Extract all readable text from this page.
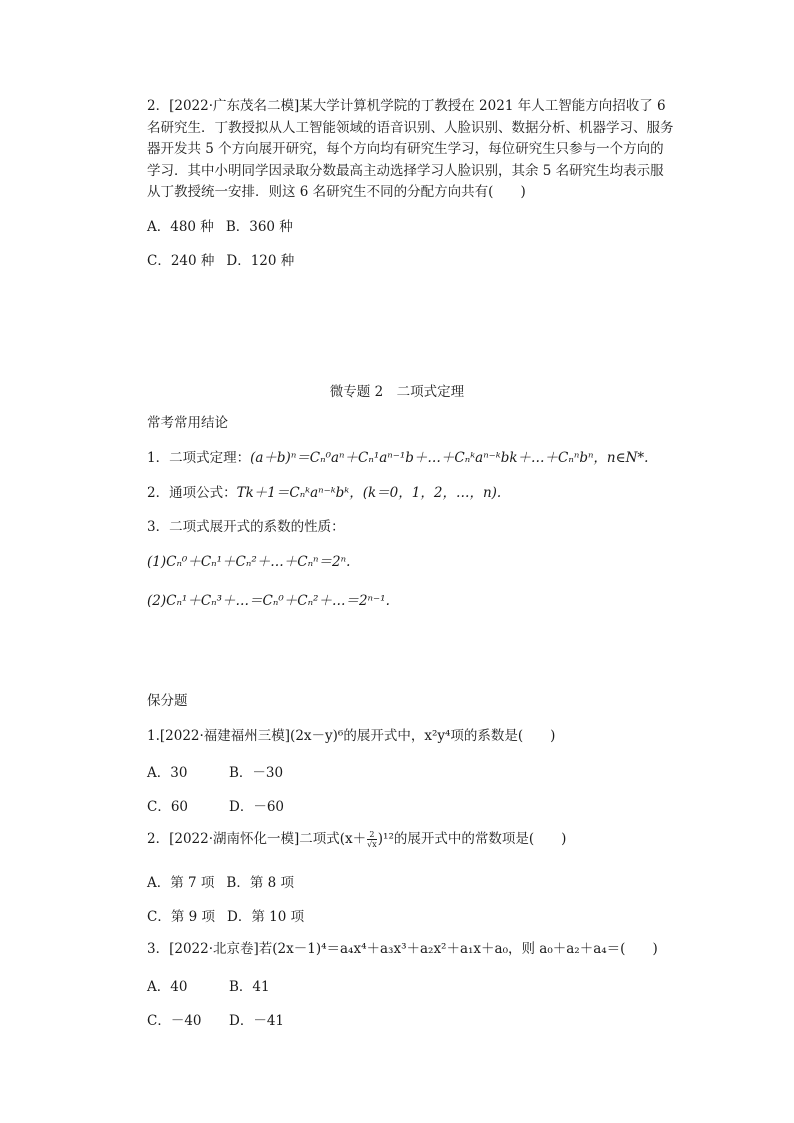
2．[2022·广东茂名二模]某大学计算机学院的丁教授在 2021 年人工智能方向招收了 6 名研究生．丁教授拟从人工智能领域的语音识别、人脸识别、数据分析、机器学习、服务器开发共 5 个方向展开研究，每个方向均有研究生学习，每位研究生只参与一个方向的学习．其中小明同学因录取分数最高主动选择学习人脸识别，其余 5 名研究生均表示服从丁教授统一安排．则这 6 名研究生不同的分配方向共有(　　)
A．480 种 B．360 种
C．240 种 D．120 种
微专题 2　二项式定理
常考常用结论
1．二项式定理：(a＋b)ⁿ＝Cₙ⁰aⁿ＋Cₙ¹aⁿ⁻¹b＋…＋Cₙᵏaⁿ⁻ᵏbk＋…＋Cₙⁿbⁿ，n∈N*.
2．通项公式：Tk＋1＝Cₙᵏaⁿ⁻ᵏbᵏ，(k＝0，1，2，…，n).
3．二项式展开式的系数的性质：
(1)Cₙ⁰＋Cₙ¹＋Cₙ²＋…＋Cₙⁿ＝2ⁿ.
(2)Cₙ¹＋Cₙ³＋…＝Cₙ⁰＋Cₙ²＋…＝2ⁿ⁻¹.
保分题
1.[2022·福建福州三模](2x－y)⁶的展开式中，x²y⁴项的系数是(　　)
A．30	B．－30
C．60	D．－60
2．[2022·湖南怀化一模]二项式$(x+ \frac{2}{√x} )^{12}$的展开式中的常数项是(　　)
A．第 7 项 B．第 8 项
C．第 9 项 D．第 10 项
3．[2022·北京卷]若(2x－1)⁴＝a₄x⁴＋a₃x³＋a₂x²＋a₁x＋a₀，则 a₀＋a₂＋a₄＝(　　)
A．40	B．41
C．－40 D．－41
